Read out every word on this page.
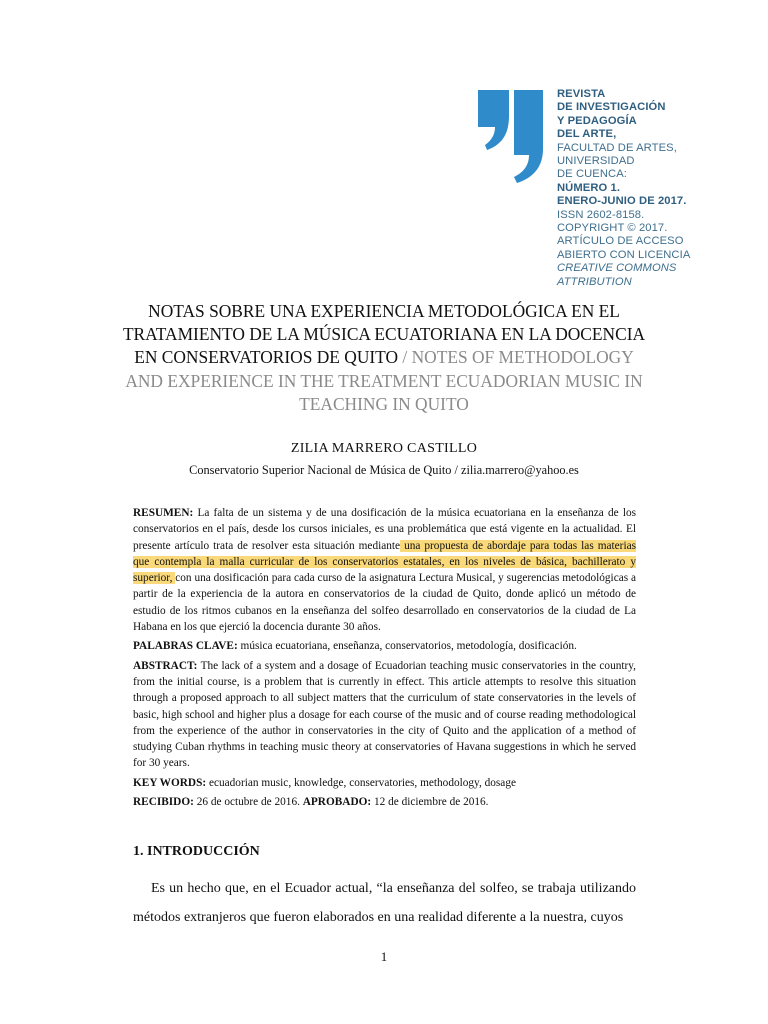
REVISTA
DE INVESTIGACIÓN
Y PEDAGOGÍA
DEL ARTE,
FACULTAD DE ARTES,
UNIVERSIDAD
DE CUENCA:
NÚMERO 1.
ENERO-JUNIO DE 2017.
ISSN 2602-8158.
COPYRIGHT © 2017.
ARTÍCULO DE ACCESO
ABIERTO CON LICENCIA
CREATIVE COMMONS
ATTRIBUTION
NOTAS SOBRE UNA EXPERIENCIA METODOLÓGICA EN EL TRATAMIENTO DE LA MÚSICA ECUATORIANA EN LA DOCENCIA EN CONSERVATORIOS DE QUITO / NOTES OF METHODOLOGY AND EXPERIENCE IN THE TREATMENT ECUADORIAN MUSIC IN TEACHING IN QUITO
ZILIA MARRERO CASTILLO
Conservatorio Superior Nacional de Música de Quito / zilia.marrero@yahoo.es

RESUMEN: La falta de un sistema y de una dosificación de la música ecuatoriana en la enseñanza de los conservatorios en el país, desde los cursos iniciales, es una problemática que está vigente en la actualidad. El presente artículo trata de resolver esta situación mediante una propuesta de abordaje para todas las materias que contempla la malla curricular de los conservatorios estatales, en los niveles de básica, bachillerato y superior, con una dosificación para cada curso de la asignatura Lectura Musical, y sugerencias metodológicas a partir de la experiencia de la autora en conservatorios de la ciudad de Quito, donde aplicó un método de estudio de los ritmos cubanos en la enseñanza del solfeo desarrollado en conservatorios de la ciudad de La Habana en los que ejerció la docencia durante 30 años.

PALABRAS CLAVE: música ecuatoriana, enseñanza, conservatorios, metodología, dosificación.

ABSTRACT: The lack of a system and a dosage of Ecuadorian teaching music conservatories in the country, from the initial course, is a problem that is currently in effect. This article attempts to resolve this situation through a proposed approach to all subject matters that the curriculum of state conservatories in the levels of basic, high school and higher plus a dosage for each course of the music and of course reading methodological from the experience of the author in conservatories in the city of Quito and the application of a method of studying Cuban rhythms in teaching music theory at conservatories of Havana suggestions in which he served for 30 years.

KEY WORDS: ecuadorian music, knowledge, conservatories, methodology, dosage

RECIBIDO: 26 de octubre de 2016. APROBADO: 12 de diciembre de 2016.

1. INTRODUCCIÓN

Es un hecho que, en el Ecuador actual, “la enseñanza del solfeo, se trabaja utilizando métodos extranjeros que fueron elaborados en una realidad diferente a la nuestra, cuyos

1
